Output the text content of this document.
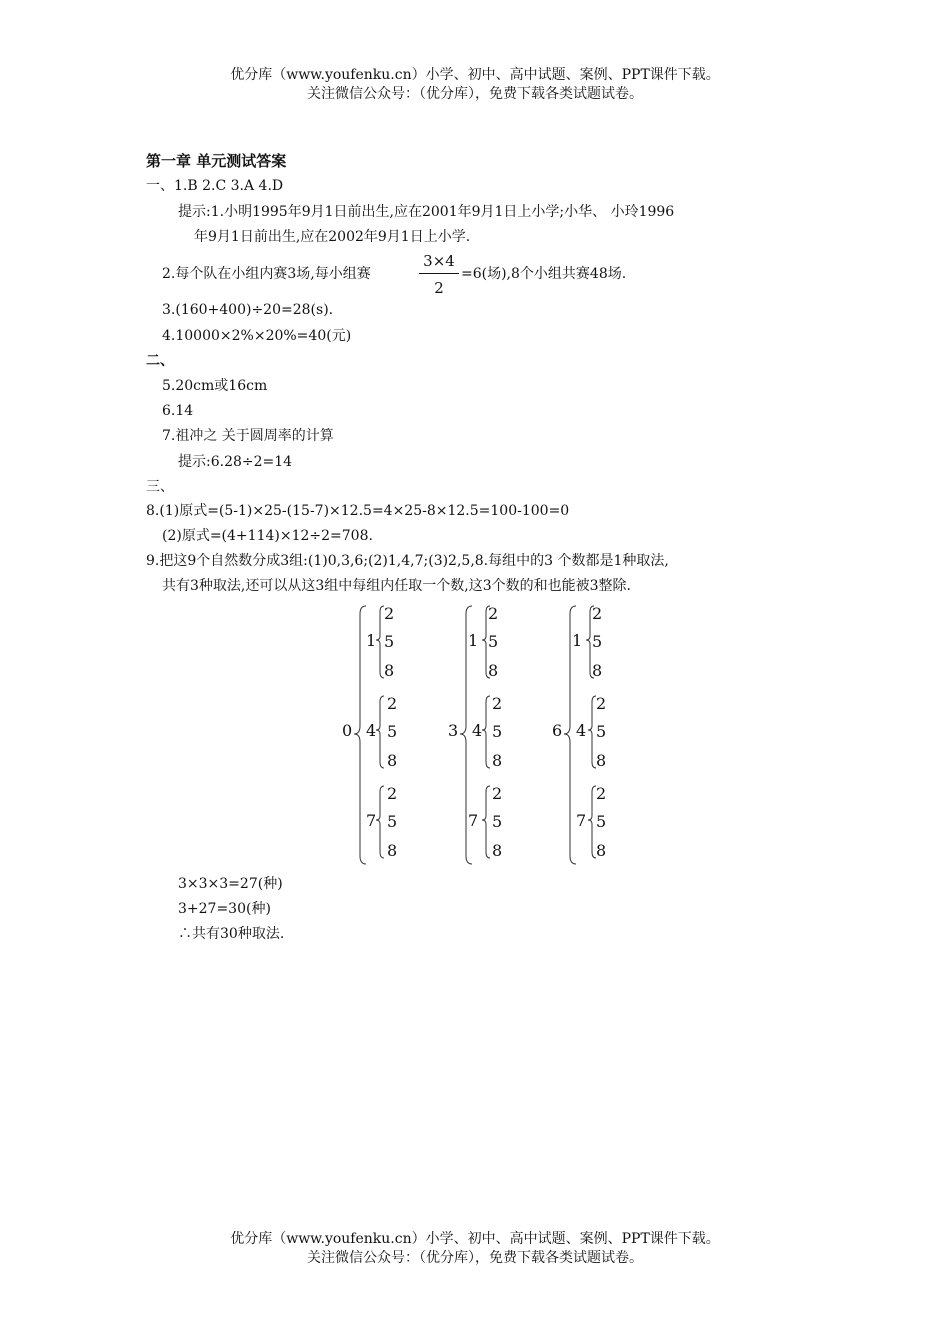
优分库（www.youfenku.cn）小学、初中、高中试题、案例、PPT课件下载。
关注微信公众号：（优分库），免费下载各类试题试卷。
第一章 单元测试答案
一、1.B 2.C 3.A 4.D
提示:1.小明1995年9月1日前出生,应在2001年9月1日上小学;小华、 小玲1996
年9月1日前出生,应在2002年9月1日上小学.
2.每个队在小组内赛3场,每小组赛
3×4
2
=6(场),8个小组共赛48场.
3.(160+400)÷20=28(s).
4.10000×2%×20%=40(元)
二、
5.20cm或16cm
6.14
7.祖冲之 关于圆周率的计算
提示:6.28÷2=14
三、
8.(1)原式=(5-1)×25-(15-7)×12.5=4×25-8×12.5=100-100=0
(2)原式=(4+114)×12÷2=708.
9.把这9个自然数分成3组:(1)0,3,6;(2)1,4,7;(3)2,5,8.每组中的3 个数都是1种取法,
共有3种取法,还可以从这3组中每组内任取一个数,这3个数的和也能被3整除.
0
1
4
7
2
5
8
2
5
8
2
5
8
3
1
4
7
2
5
8
2
5
8
2
5
8
6
1
4
7
2
5
8
2
5
8
2
5
8
3×3×3=27(种)
3+27=30(种)
∴共有30种取法.
优分库（www.youfenku.cn）小学、初中、高中试题、案例、PPT课件下载。
关注微信公众号：（优分库），免费下载各类试题试卷。
